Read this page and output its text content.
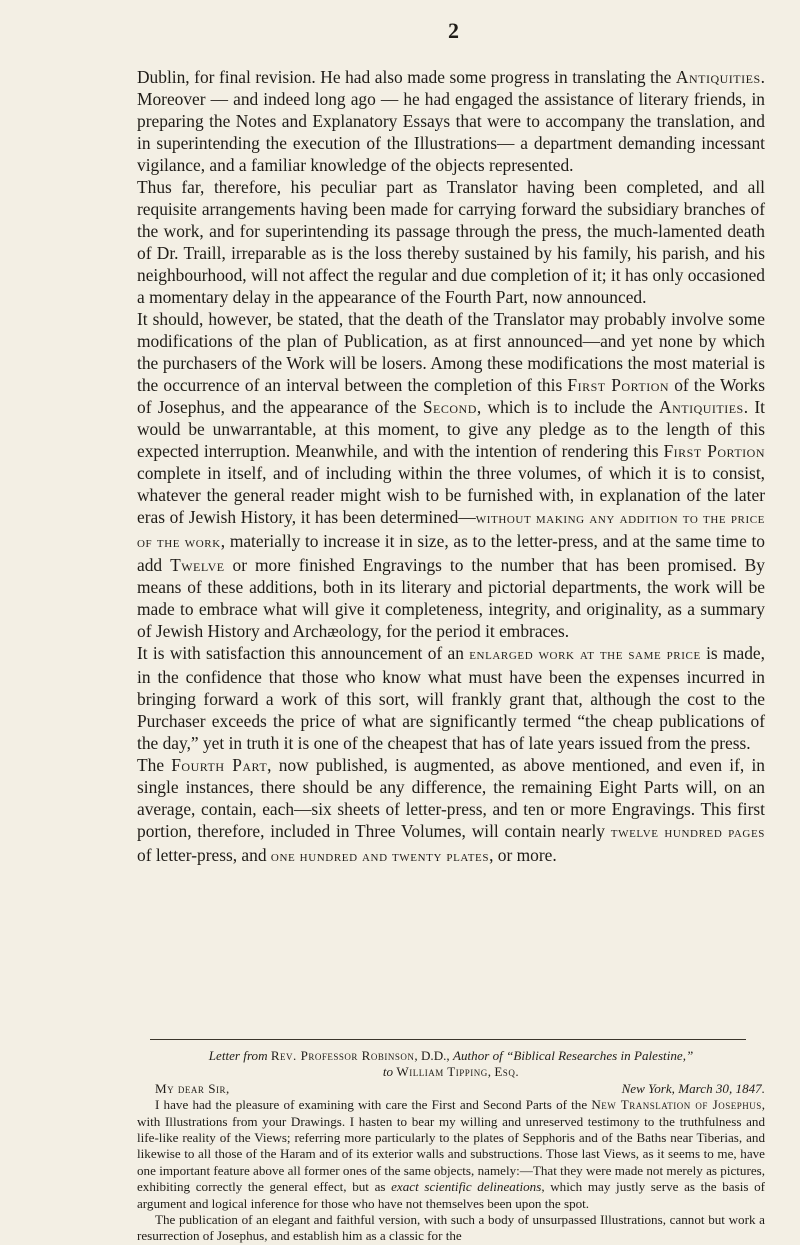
2

Dublin, for final revision. He had also made some progress in translating the Antiquities. Moreover — and indeed long ago — he had engaged the assistance of literary friends, in preparing the Notes and Explanatory Essays that were to accompany the translation, and in superintending the execution of the Illustrations— a department demanding incessant vigilance, and a familiar knowledge of the objects represented.

Thus far, therefore, his peculiar part as Translator having been completed, and all requisite arrangements having been made for carrying forward the subsidiary branches of the work, and for superintending its passage through the press, the much-lamented death of Dr. Traill, irreparable as is the loss thereby sustained by his family, his parish, and his neighbourhood, will not affect the regular and due completion of it; it has only occasioned a momentary delay in the appearance of the Fourth Part, now announced.

It should, however, be stated, that the death of the Translator may probably involve some modifications of the plan of Publication, as at first announced—and yet none by which the purchasers of the Work will be losers. Among these modifications the most material is the occurrence of an interval between the completion of this First Portion of the Works of Josephus, and the appearance of the Second, which is to include the Antiquities. It would be unwarrantable, at this moment, to give any pledge as to the length of this expected interruption. Meanwhile, and with the intention of rendering this First Portion complete in itself, and of including within the three volumes, of which it is to consist, whatever the general reader might wish to be furnished with, in explanation of the later eras of Jewish History, it has been determined—without making any addition to the price of the work, materially to increase it in size, as to the letter-press, and at the same time to add Twelve or more finished Engravings to the number that has been promised. By means of these additions, both in its literary and pictorial departments, the work will be made to embrace what will give it completeness, integrity, and originality, as a summary of Jewish History and Archæology, for the period it embraces.

It is with satisfaction this announcement of an enlarged work at the same price is made, in the confidence that those who know what must have been the expenses incurred in bringing forward a work of this sort, will frankly grant that, although the cost to the Purchaser exceeds the price of what are significantly termed “the cheap publications of the day,” yet in truth it is one of the cheapest that has of late years issued from the press.

The Fourth Part, now published, is augmented, as above mentioned, and even if, in single instances, there should be any difference, the remaining Eight Parts will, on an average, contain, each—six sheets of letter-press, and ten or more Engravings. This first portion, therefore, included in Three Volumes, will contain nearly twelve hundred pages of letter-press, and one hundred and twenty plates, or more.

Letter from Rev. Professor Robinson, D.D., Author of “Biblical Researches in Palestine,”
to William Tipping, Esq.

My dear Sir,	New York, March 30, 1847.

I have had the pleasure of examining with care the First and Second Parts of the New Translation of Josephus, with Illustrations from your Drawings. I hasten to bear my willing and unreserved testimony to the truthfulness and life-like reality of the Views; referring more particularly to the plates of Sepphoris and of the Baths near Tiberias, and likewise to all those of the Haram and of its exterior walls and substructions. Those last Views, as it seems to me, have one important feature above all former ones of the same objects, namely:—That they were made not merely as pictures, exhibiting correctly the general effect, but as exact scientific delineations, which may justly serve as the basis of argument and logical inference for those who have not themselves been upon the spot.

The publication of an elegant and faithful version, with such a body of unsurpassed Illustrations, cannot but work a resurrection of Josephus, and establish him as a classic for the
